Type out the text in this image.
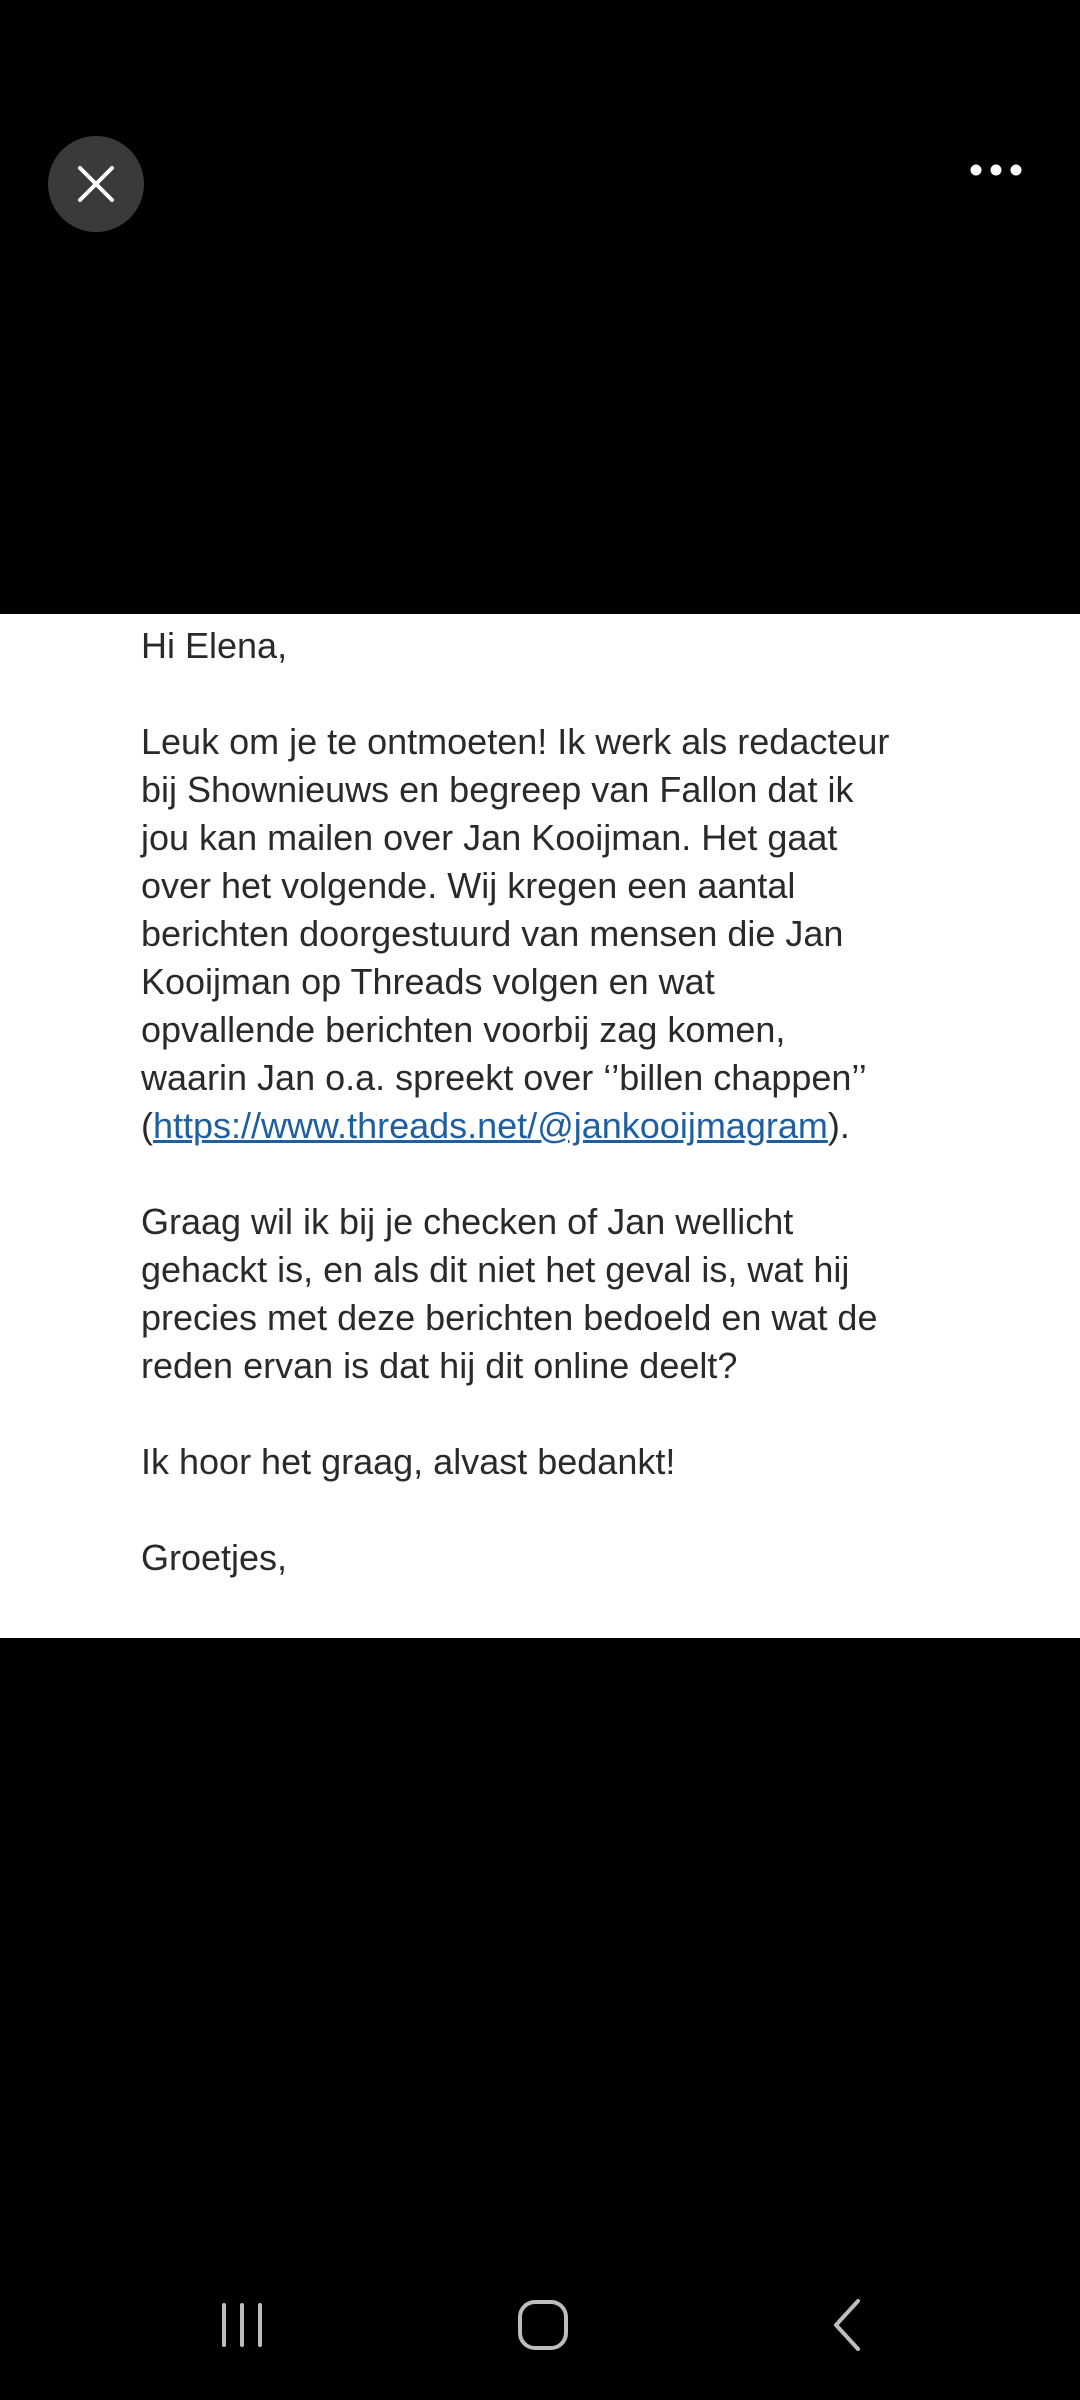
Hi Elena,

Leuk om je te ontmoeten! Ik werk als redacteur
bij Shownieuws en begreep van Fallon dat ik
jou kan mailen over Jan Kooijman. Het gaat
over het volgende. Wij kregen een aantal
berichten doorgestuurd van mensen die Jan
Kooijman op Threads volgen en wat
opvallende berichten voorbij zag komen,
waarin Jan o.a. spreekt over ‘’billen chappen’’
(https://www.threads.net/@jankooijmagram).

Graag wil ik bij je checken of Jan wellicht
gehackt is, en als dit niet het geval is, wat hij
precies met deze berichten bedoeld en wat de
reden ervan is dat hij dit online deelt?

Ik hoor het graag, alvast bedankt!

Groetjes,
